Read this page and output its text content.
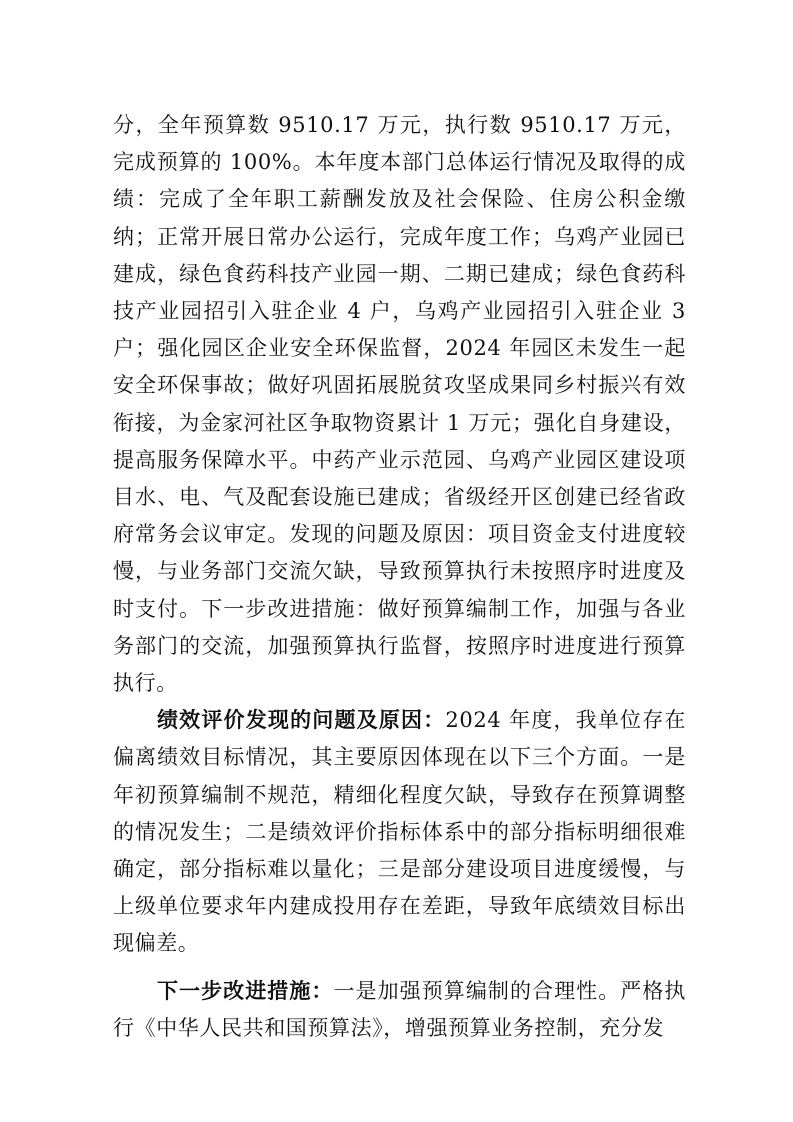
分，全年预算数 9510.17 万元，执行数 9510.17 万元，完成预算的 100%。本年度本部门总体运行情况及取得的成绩：完成了全年职工薪酬发放及社会保险、住房公积金缴纳；正常开展日常办公运行，完成年度工作；乌鸡产业园已建成，绿色食药科技产业园一期、二期已建成；绿色食药科技产业园招引入驻企业 4 户，乌鸡产业园招引入驻企业 3 户；强化园区企业安全环保监督，2024 年园区未发生一起安全环保事故；做好巩固拓展脱贫攻坚成果同乡村振兴有效衔接，为金家河社区争取物资累计 1 万元；强化自身建设，提高服务保障水平。中药产业示范园、乌鸡产业园区建设项目水、电、气及配套设施已建成；省级经开区创建已经省政府常务会议审定。发现的问题及原因：项目资金支付进度较慢，与业务部门交流欠缺，导致预算执行未按照序时进度及时支付。下一步改进措施：做好预算编制工作，加强与各业务部门的交流，加强预算执行监督，按照序时进度进行预算执行。

绩效评价发现的问题及原因：2024 年度，我单位存在偏离绩效目标情况，其主要原因体现在以下三个方面。一是年初预算编制不规范，精细化程度欠缺，导致存在预算调整的情况发生；二是绩效评价指标体系中的部分指标明细很难确定，部分指标难以量化；三是部分建设项目进度缓慢，与上级单位要求年内建成投用存在差距，导致年底绩效目标出现偏差。

下一步改进措施：一是加强预算编制的合理性。严格执行《中华人民共和国预算法》，增强预算业务控制，充分发
